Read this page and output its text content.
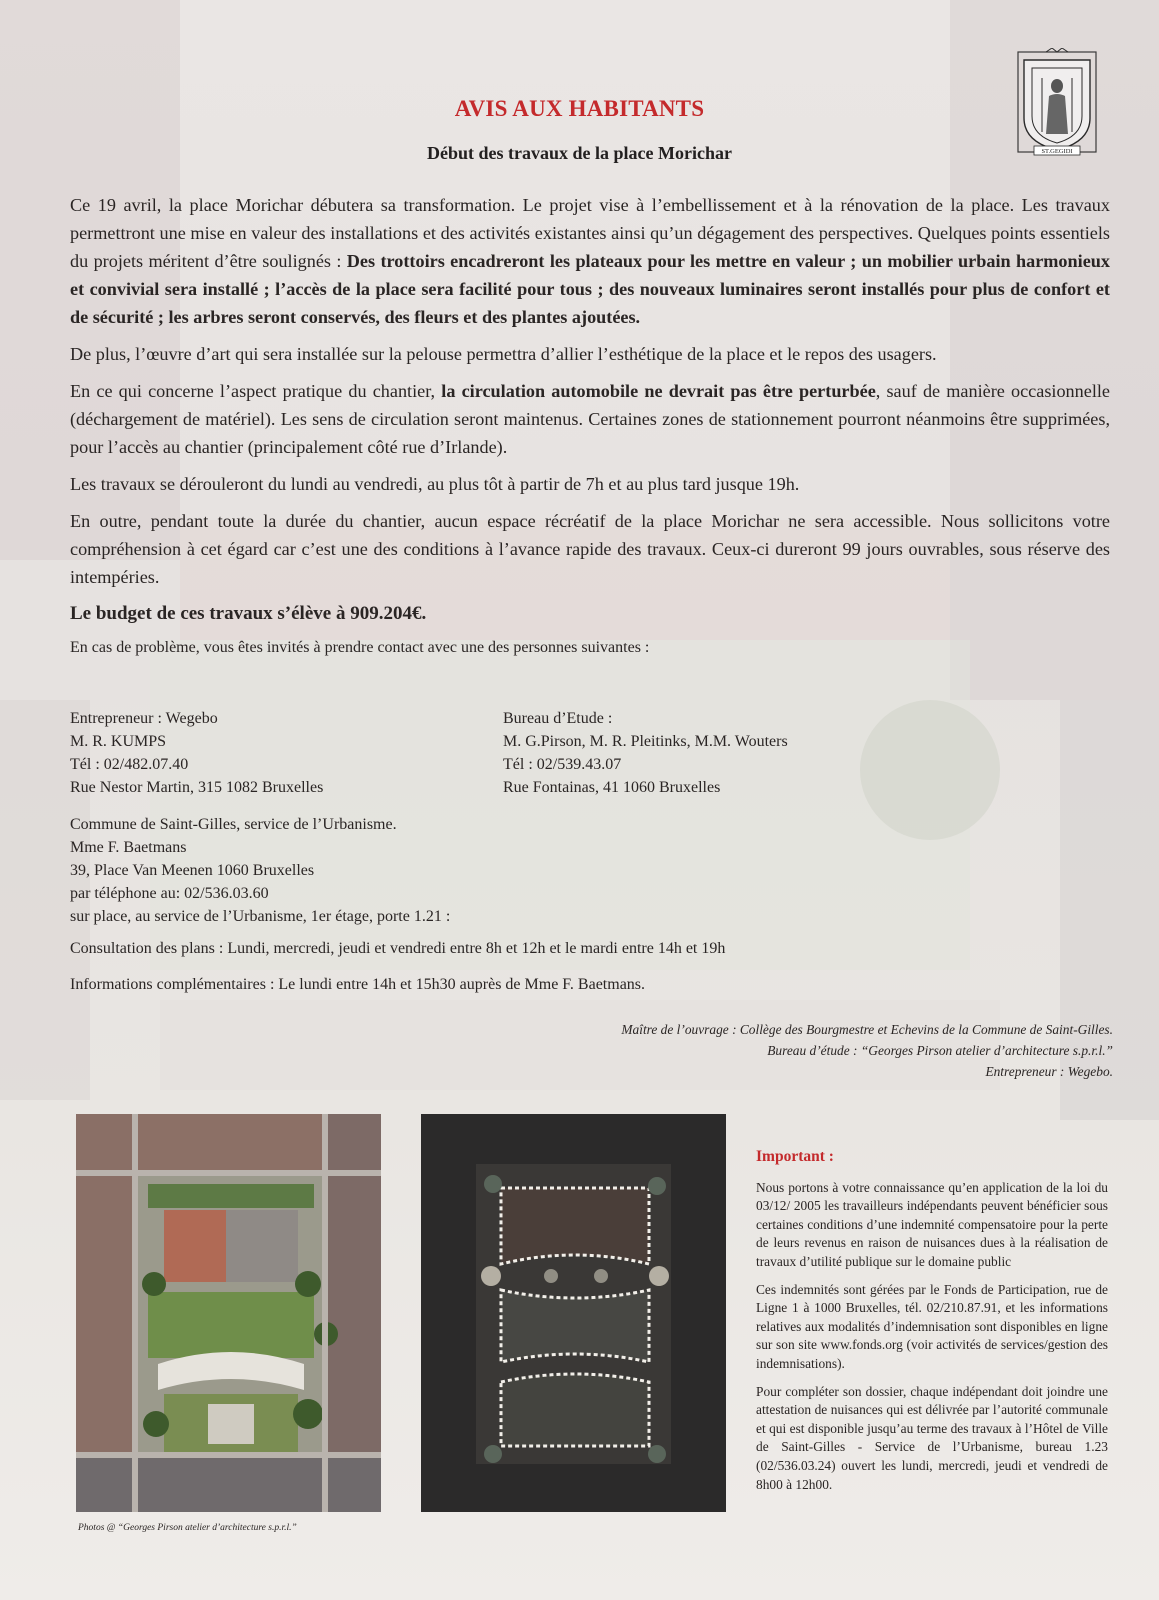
ST.GEGIDI
AVIS AUX HABITANTS
Début des travaux de la place Morichar

Ce 19 avril, la place Morichar débutera sa transformation. Le projet vise à l’embellissement et à la rénovation de la place. Les travaux permettront une mise en valeur des installations et des activités existantes ainsi qu’un dégagement des perspectives. Quelques points essentiels du projets méritent d’être soulignés : Des trottoirs encadreront les plateaux pour les mettre en valeur ; un mobilier urbain harmonieux et convivial sera installé ; l’accès de la place sera facilité pour tous ; des nouveaux luminaires seront installés pour plus de confort et de sécurité ; les arbres seront conservés, des fleurs et des plantes ajoutées.

De plus, l’œuvre d’art qui sera installée sur la pelouse permettra d’allier l’esthétique de la place et le repos des usagers.

En ce qui concerne l’aspect pratique du chantier, la circulation automobile ne devrait pas être perturbée, sauf de manière occasionnelle (déchargement de matériel). Les sens de circulation seront maintenus. Certaines zones de stationnement pourront néanmoins être supprimées, pour l’accès au chantier (principalement côté rue d’Irlande).

Les travaux se dérouleront du lundi au vendredi, au plus tôt à partir de 7h et au plus tard jusque 19h.

En outre, pendant toute la durée du chantier, aucun espace récréatif de la place Morichar ne sera accessible. Nous sollicitons votre compréhension à cet égard car c’est une des conditions à l’avance rapide des travaux. Ceux-ci dureront 99 jours ouvrables, sous réserve des intempéries.

Le budget de ces travaux s’élève à 909.204€.

En cas de problème, vous êtes invités à prendre contact avec une des personnes suivantes :

Entrepreneur : Wegebo
M. R. KUMPS
Tél : 02/482.07.40
Rue Nestor Martin, 315 1082 Bruxelles
Bureau d’Etude :
M. G.Pirson, M. R. Pleitinks, M.M. Wouters
Tél : 02/539.43.07
Rue Fontainas, 41 1060 Bruxelles
Commune de Saint-Gilles, service de l’Urbanisme.
Mme F. Baetmans
39, Place Van Meenen 1060 Bruxelles
par téléphone au: 02/536.03.60
sur place, au service de l’Urbanisme, 1er étage, porte 1.21 :
Consultation des plans : Lundi, mercredi, jeudi et vendredi entre 8h et 12h et le mardi entre 14h et 19h
Informations complémentaires : Le lundi entre 14h et 15h30 auprès de Mme F. Baetmans.
Maître de l’ouvrage : Collège des Bourgmestre et Echevins de la Commune de Saint-Gilles.
Bureau d’étude : “Georges Pirson atelier d’architecture s.p.r.l.”
Entrepreneur : Wegebo.
Photos @ “Georges Pirson atelier d’architecture s.p.r.l.”
Important :

Nous portons à votre connaissance qu’en application de la loi du 03/12/ 2005 les travailleurs indépendants peuvent bénéficier sous certaines conditions d’une indemnité compensatoire pour la perte de leurs revenus en raison de nuisances dues à la réalisation de travaux d’utilité publique sur le domaine public

Ces indemnités sont gérées par le Fonds de Participation, rue de Ligne 1 à 1000 Bruxelles, tél. 02/210.87.91, et les informations relatives aux modalités d’indemnisation sont disponibles en ligne sur son site www.fonds.org (voir activités de services/gestion des indemnisations).

Pour compléter son dossier, chaque indépendant doit joindre une attestation de nuisances qui est délivrée par l’autorité communale et qui est disponible jusqu’au terme des travaux à l’Hôtel de Ville de Saint-Gilles - Service de l’Urbanisme, bureau 1.23 (02/536.03.24) ouvert les lundi, mercredi, jeudi et vendredi de 8h00 à 12h00.
